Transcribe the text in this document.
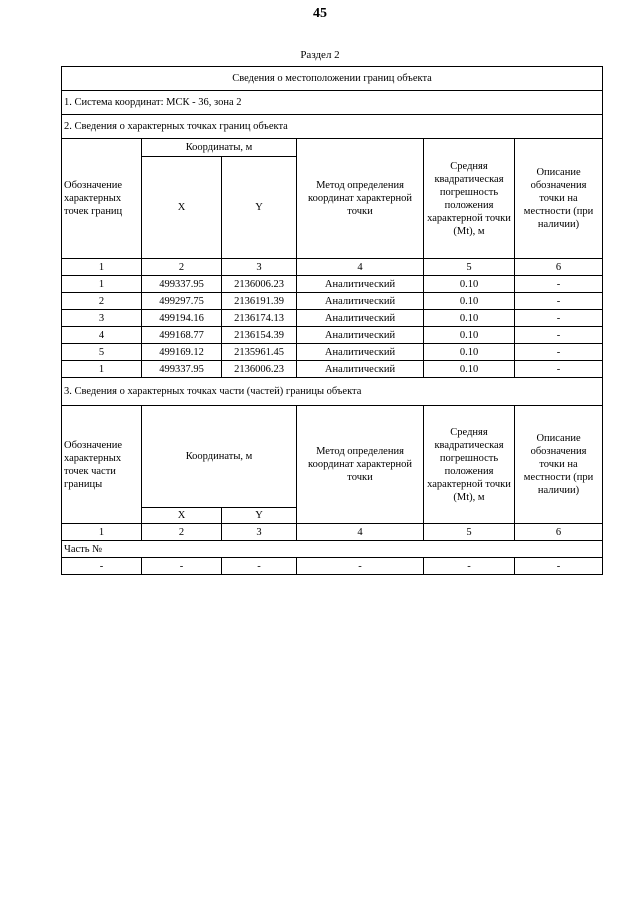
45
Раздел 2
Сведения о местоположении границ объекта					
1. Система координат: МСК - 36, зона 2					
2. Сведения о характерных точках границ объекта					
Обозначение характерных точек границ	Координаты, м		Метод определения координат характерной точки	Средняя квадратическая погрешность положения характерной точки (Mt), м	Описание обозначения точки на местности (при наличии)
	X	Y			
1	2	3	4	5	6
1	499337.95	2136006.23	Аналитический	0.10	-
2	499297.75	2136191.39	Аналитический	0.10	-
3	499194.16	2136174.13	Аналитический	0.10	-
4	499168.77	2136154.39	Аналитический	0.10	-
5	499169.12	2135961.45	Аналитический	0.10	-
1	499337.95	2136006.23	Аналитический	0.10	-
3. Сведения о характерных точках части (частей) границы объекта					
Обозначение характерных точек части границы	Координаты, м		Метод определения координат характерной точки	Средняя квадратическая погрешность положения характерной точки (Mt), м	Описание обозначения точки на местности (при наличии)
	X	Y			
1	2	3	4	5	6
Часть №					
-	-	-	-	-	-
